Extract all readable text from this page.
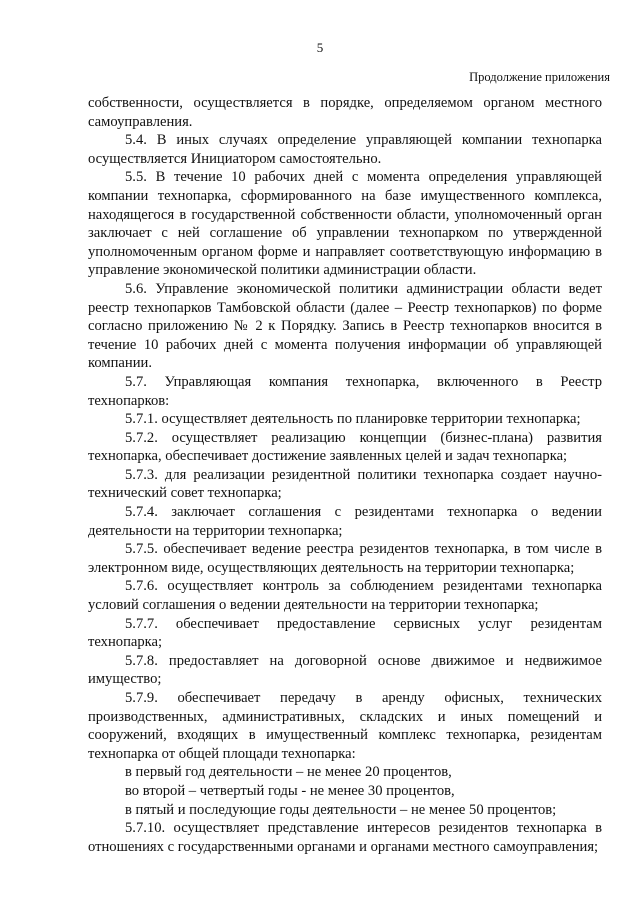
5
Продолжение приложения

собственности, осуществляется в порядке, определяемом органом местного самоуправления.

5.4. В иных случаях определение управляющей компании технопарка осуществляется Инициатором самостоятельно.

5.5. В течение 10 рабочих дней с момента определения управляющей компании технопарка, сформированного на базе имущественного комплекса, находящегося в государственной собственности области, уполномоченный орган заключает с ней соглашение об управлении технопарком по утвержденной уполномоченным органом форме и направляет соответствующую информацию в управление экономической политики администрации области.

5.6. Управление экономической политики администрации области ведет реестр технопарков Тамбовской области (далее – Реестр технопарков) по форме согласно приложению № 2 к Порядку. Запись в Реестр технопарков вносится в течение 10 рабочих дней с момента получения информации об управляющей компании.

5.7. Управляющая компания технопарка, включенного в Реестр технопарков:

5.7.1. осуществляет деятельность по планировке территории технопарка;

5.7.2. осуществляет реализацию концепции (бизнес-плана) развития технопарка, обеспечивает достижение заявленных целей и задач технопарка;

5.7.3. для реализации резидентной политики технопарка создает научно-технический совет технопарка;

5.7.4. заключает соглашения с резидентами технопарка о ведении деятельности на территории технопарка;

5.7.5. обеспечивает ведение реестра резидентов технопарка, в том числе в электронном виде, осуществляющих деятельность на территории технопарка;

5.7.6. осуществляет контроль за соблюдением резидентами технопарка условий соглашения о ведении деятельности на территории технопарка;

5.7.7. обеспечивает предоставление сервисных услуг резидентам технопарка;

5.7.8. предоставляет на договорной основе движимое и недвижимое имущество;

5.7.9. обеспечивает передачу в аренду офисных, технических производственных, административных, складских и иных помещений и сооружений, входящих в имущественный комплекс технопарка, резидентам технопарка от общей площади технопарка:

в первый год деятельности – не менее 20 процентов,

во второй – четвертый годы - не менее 30 процентов,

в пятый и последующие годы деятельности – не менее 50 процентов;

5.7.10. осуществляет представление интересов резидентов технопарка в отношениях с государственными органами и органами местного самоуправления;
